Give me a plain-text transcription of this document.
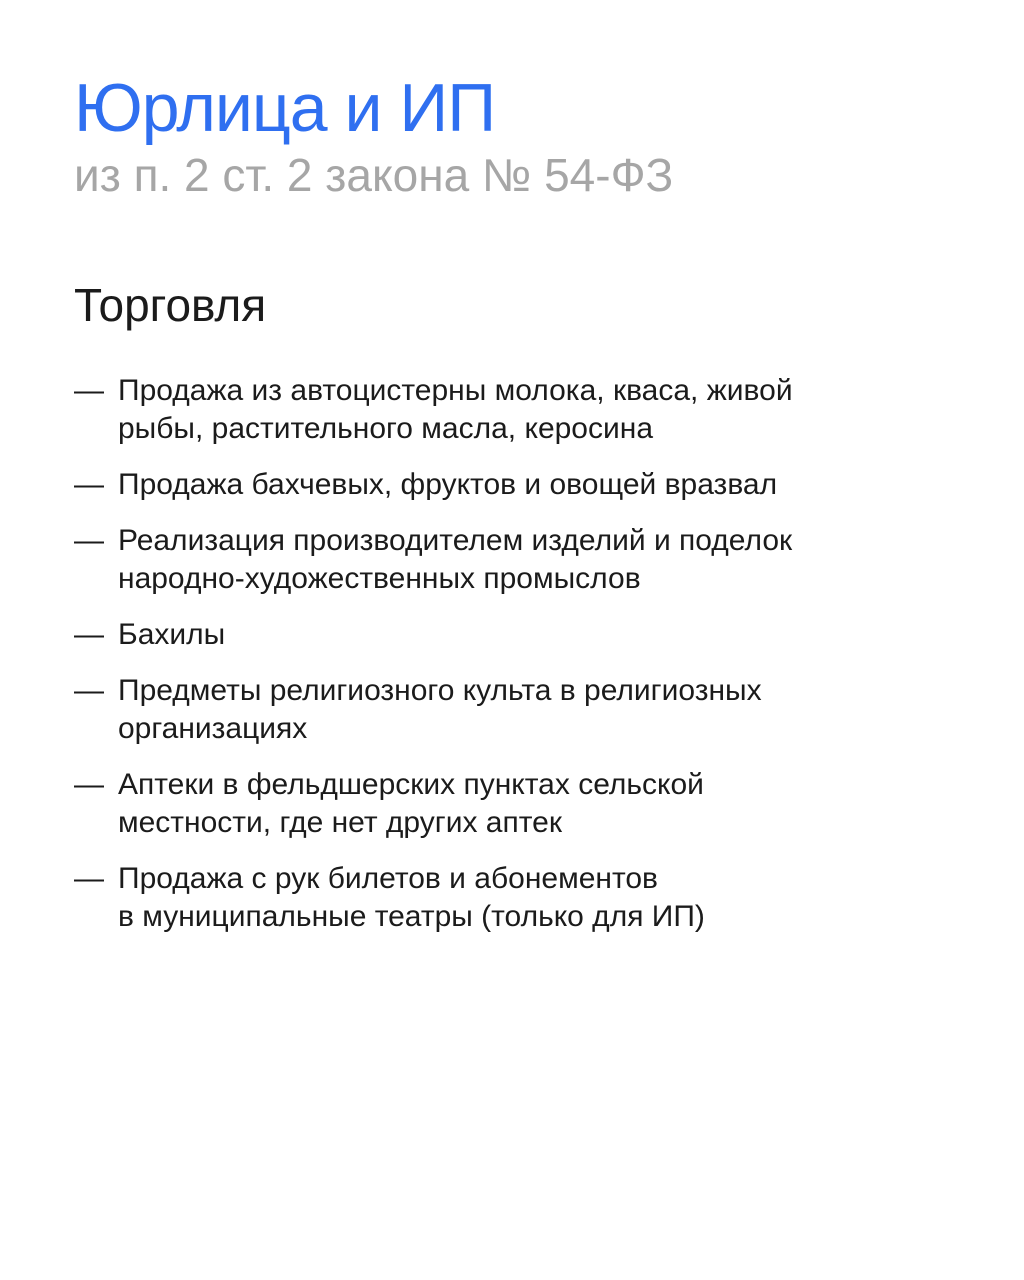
Юрлица и ИП
из п. 2 ст. 2 закона № 54-ФЗ
Торговля
— Продажа из автоцистерны молока, кваса, живой
рыбы, растительного масла, керосина
— Продажа бахчевых, фруктов и овощей вразвал
— Реализация производителем изделий и поделок
народно-художественных промыслов
— Бахилы
— Предметы религиозного культа в религиозных
организациях
— Аптеки в фельдшерских пунктах сельской
местности, где нет других аптек
— Продажа с рук билетов и абонементов
в муниципальные театры (только для ИП)
